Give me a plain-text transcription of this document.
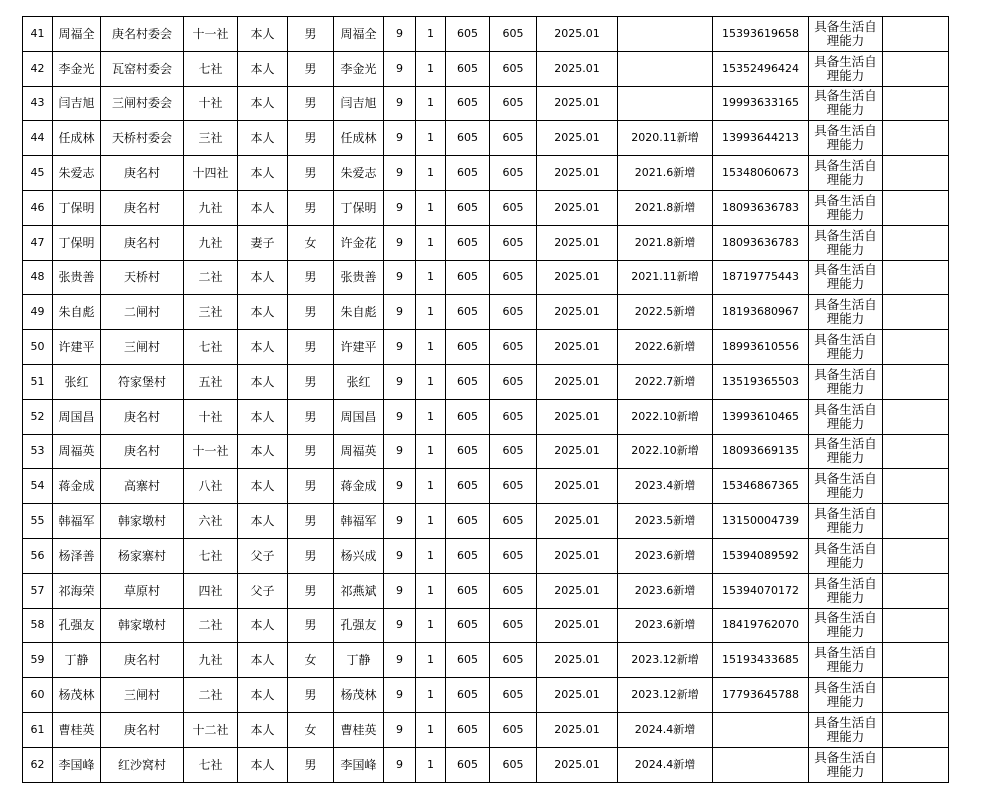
41	周福全	庚名村委会	十一社	本人	男	周福全	9	1	605	605	2025.01		15393619658	具备生活自理能力	
42	李金光	瓦窑村委会	七社	本人	男	李金光	9	1	605	605	2025.01		15352496424	具备生活自理能力	
43	闫吉旭	三闸村委会	十社	本人	男	闫吉旭	9	1	605	605	2025.01		19993633165	具备生活自理能力	
44	任成林	天桥村委会	三社	本人	男	任成林	9	1	605	605	2025.01	2020.11新增	13993644213	具备生活自理能力	
45	朱爱志	庚名村	十四社	本人	男	朱爱志	9	1	605	605	2025.01	2021.6新增	15348060673	具备生活自理能力	
46	丁保明	庚名村	九社	本人	男	丁保明	9	1	605	605	2025.01	2021.8新增	18093636783	具备生活自理能力	
47	丁保明	庚名村	九社	妻子	女	许金花	9	1	605	605	2025.01	2021.8新增	18093636783	具备生活自理能力	
48	张贵善	天桥村	二社	本人	男	张贵善	9	1	605	605	2025.01	2021.11新增	18719775443	具备生活自理能力	
49	朱自彪	二闸村	三社	本人	男	朱自彪	9	1	605	605	2025.01	2022.5新增	18193680967	具备生活自理能力	
50	许建平	三闸村	七社	本人	男	许建平	9	1	605	605	2025.01	2022.6新增	18993610556	具备生活自理能力	
51	张红	符家堡村	五社	本人	男	张红	9	1	605	605	2025.01	2022.7新增	13519365503	具备生活自理能力	
52	周国昌	庚名村	十社	本人	男	周国昌	9	1	605	605	2025.01	2022.10新增	13993610465	具备生活自理能力	
53	周福英	庚名村	十一社	本人	男	周福英	9	1	605	605	2025.01	2022.10新增	18093669135	具备生活自理能力	
54	蒋金成	高寨村	八社	本人	男	蒋金成	9	1	605	605	2025.01	2023.4新增	15346867365	具备生活自理能力	
55	韩福军	韩家墩村	六社	本人	男	韩福军	9	1	605	605	2025.01	2023.5新增	13150004739	具备生活自理能力	
56	杨泽善	杨家寨村	七社	父子	男	杨兴成	9	1	605	605	2025.01	2023.6新增	15394089592	具备生活自理能力	
57	祁海荣	草原村	四社	父子	男	祁燕斌	9	1	605	605	2025.01	2023.6新增	15394070172	具备生活自理能力	
58	孔强友	韩家墩村	二社	本人	男	孔强友	9	1	605	605	2025.01	2023.6新增	18419762070	具备生活自理能力	
59	丁静	庚名村	九社	本人	女	丁静	9	1	605	605	2025.01	2023.12新增	15193433685	具备生活自理能力	
60	杨茂林	三闸村	二社	本人	男	杨茂林	9	1	605	605	2025.01	2023.12新增	17793645788	具备生活自理能力	
61	曹桂英	庚名村	十二社	本人	女	曹桂英	9	1	605	605	2025.01	2024.4新增		具备生活自理能力	
62	李国峰	红沙窝村	七社	本人	男	李国峰	9	1	605	605	2025.01	2024.4新增		具备生活自理能力	
